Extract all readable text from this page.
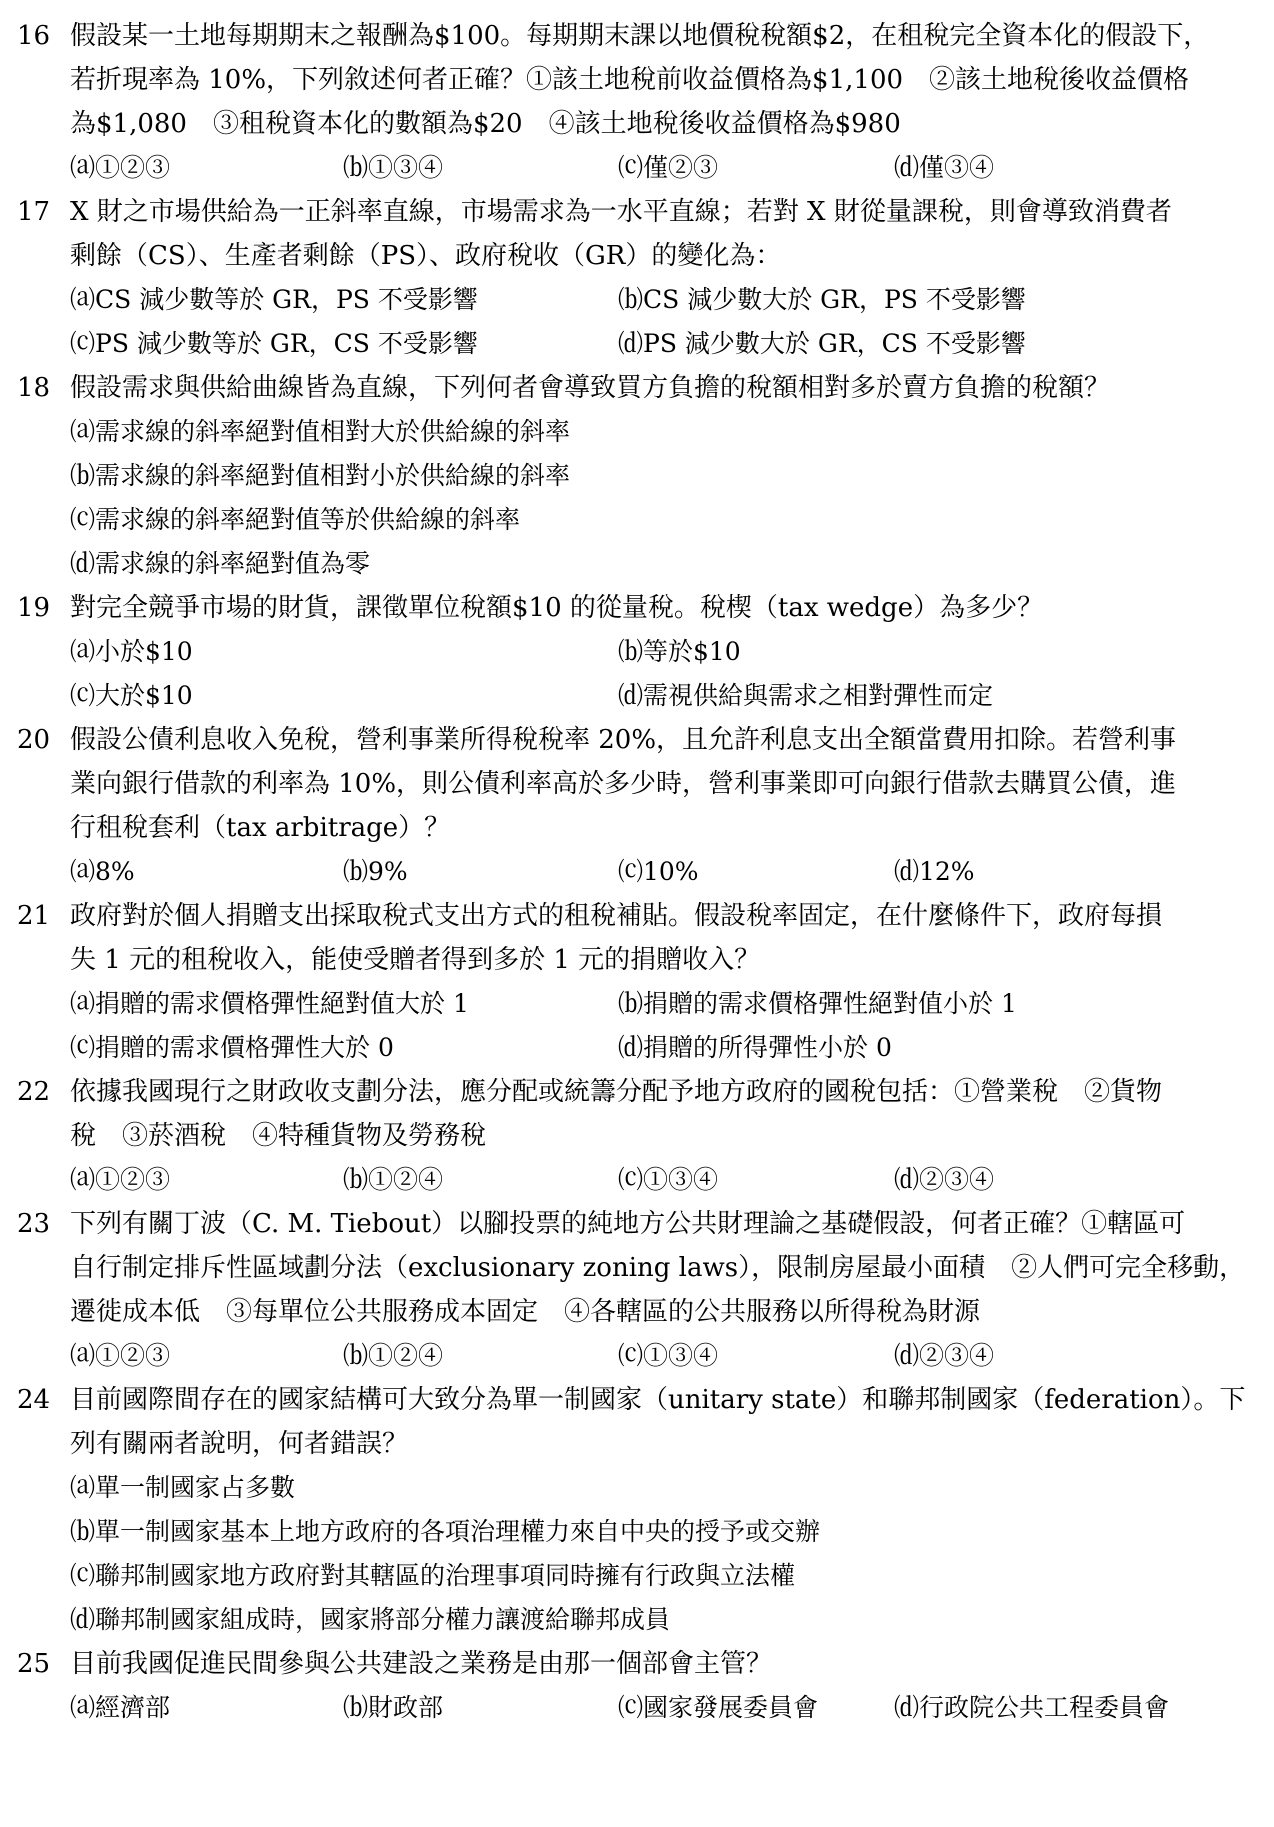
16 假設某一土地每期期末之報酬為$100。每期期末課以地價稅稅額$2，在租稅完全資本化的假設下，
若折現率為 10%，下列敘述何者正確？①該土地稅前收益價格為$1,100　②該土地稅後收益價格
為$1,080　③租稅資本化的數額為$20　④該土地稅後收益價格為$980
⒜①②③	⒝①③④	⒞僅②③	⒟僅③④
17 X 財之市場供給為一正斜率直線，市場需求為一水平直線；若對 X 財從量課稅，則會導致消費者
剩餘（CS）、生產者剩餘（PS）、政府稅收（GR）的變化為：
⒜CS 減少數等於 GR，PS 不受影響	⒝CS 減少數大於 GR，PS 不受影響
⒞PS 減少數等於 GR，CS 不受影響	⒟PS 減少數大於 GR，CS 不受影響
18 假設需求與供給曲線皆為直線，下列何者會導致買方負擔的稅額相對多於賣方負擔的稅額？
⒜需求線的斜率絕對值相對大於供給線的斜率
⒝需求線的斜率絕對值相對小於供給線的斜率
⒞需求線的斜率絕對值等於供給線的斜率
⒟需求線的斜率絕對值為零
19 對完全競爭市場的財貨，課徵單位稅額$10 的從量稅。稅楔（tax wedge）為多少？
⒜小於$10	⒝等於$10
⒞大於$10	⒟需視供給與需求之相對彈性而定
20 假設公債利息收入免稅，營利事業所得稅稅率 20%，且允許利息支出全額當費用扣除。若營利事
業向銀行借款的利率為 10%，則公債利率高於多少時，營利事業即可向銀行借款去購買公債，進
行租稅套利（tax arbitrage）？
⒜8%	⒝9%	⒞10%	⒟12%
21 政府對於個人捐贈支出採取稅式支出方式的租稅補貼。假設稅率固定，在什麼條件下，政府每損
失 1 元的租稅收入，能使受贈者得到多於 1 元的捐贈收入？
⒜捐贈的需求價格彈性絕對值大於 1	⒝捐贈的需求價格彈性絕對值小於 1
⒞捐贈的需求價格彈性大於 0	⒟捐贈的所得彈性小於 0
22 依據我國現行之財政收支劃分法，應分配或統籌分配予地方政府的國稅包括：①營業稅　②貨物
稅　③菸酒稅　④特種貨物及勞務稅
⒜①②③	⒝①②④	⒞①③④	⒟②③④
23 下列有關丁波（C. M. Tiebout）以腳投票的純地方公共財理論之基礎假設，何者正確？①轄區可
自行制定排斥性區域劃分法（exclusionary zoning laws），限制房屋最小面積　②人們可完全移動，
遷徙成本低　③每單位公共服務成本固定　④各轄區的公共服務以所得稅為財源
⒜①②③	⒝①②④	⒞①③④	⒟②③④
24 目前國際間存在的國家結構可大致分為單一制國家（unitary state）和聯邦制國家（federation）。下
列有關兩者說明，何者錯誤？
⒜單一制國家占多數
⒝單一制國家基本上地方政府的各項治理權力來自中央的授予或交辦
⒞聯邦制國家地方政府對其轄區的治理事項同時擁有行政與立法權
⒟聯邦制國家組成時，國家將部分權力讓渡給聯邦成員
25 目前我國促進民間參與公共建設之業務是由那一個部會主管？
⒜經濟部	⒝財政部	⒞國家發展委員會	⒟行政院公共工程委員會
